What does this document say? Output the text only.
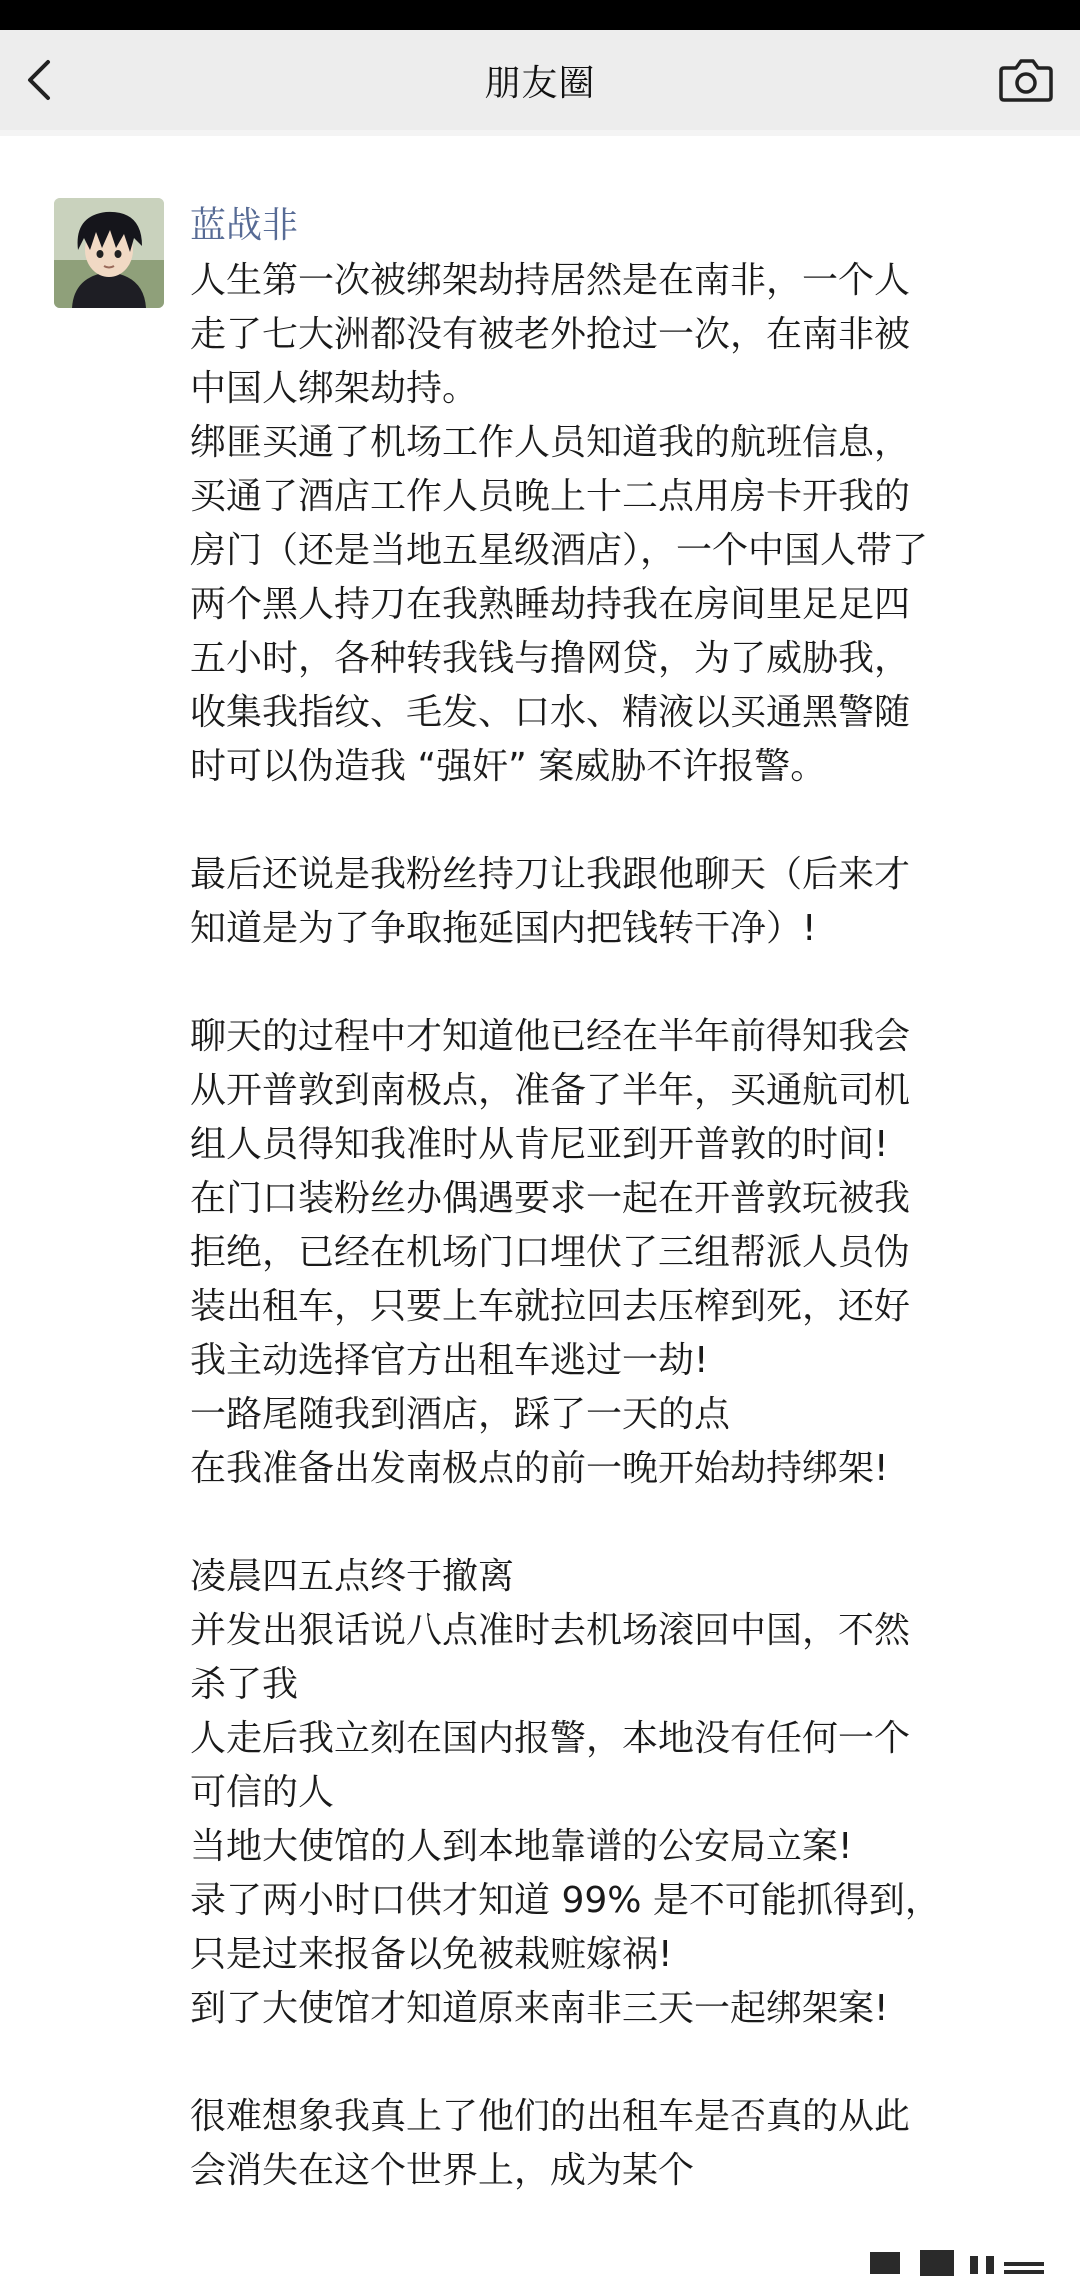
朋友圈
蓝战非
人生第一次被绑架劫持居然是在南非，一个人
走了七大洲都没有被老外抢过一次，在南非被
中国人绑架劫持。
绑匪买通了机场工作人员知道我的航班信息，
买通了酒店工作人员晚上十二点用房卡开我的
房门（还是当地五星级酒店），一个中国人带了
两个黑人持刀在我熟睡劫持我在房间里足足四
五小时，各种转我钱与撸网贷，为了威胁我，
收集我指纹、毛发、口水、精液以买通黑警随
时可以伪造我 “强奸” 案威胁不许报警。
最后还说是我粉丝持刀让我跟他聊天（后来才
知道是为了争取拖延国内把钱转干净）!
聊天的过程中才知道他已经在半年前得知我会
从开普敦到南极点，准备了半年，买通航司机
组人员得知我准时从肯尼亚到开普敦的时间!
在门口装粉丝办偶遇要求一起在开普敦玩被我
拒绝，已经在机场门口埋伏了三组帮派人员伪
装出租车，只要上车就拉回去压榨到死，还好
我主动选择官方出租车逃过一劫!
一路尾随我到酒店，踩了一天的点
在我准备出发南极点的前一晚开始劫持绑架!
凌晨四五点终于撤离
并发出狠话说八点准时去机场滚回中国，不然
杀了我
人走后我立刻在国内报警，本地没有任何一个
可信的人
当地大使馆的人到本地靠谱的公安局立案!
录了两小时口供才知道 99% 是不可能抓得到，
只是过来报备以免被栽赃嫁祸!
到了大使馆才知道原来南非三天一起绑架案!
很难想象我真上了他们的出租车是否真的从此
会消失在这个世界上，成为某个
